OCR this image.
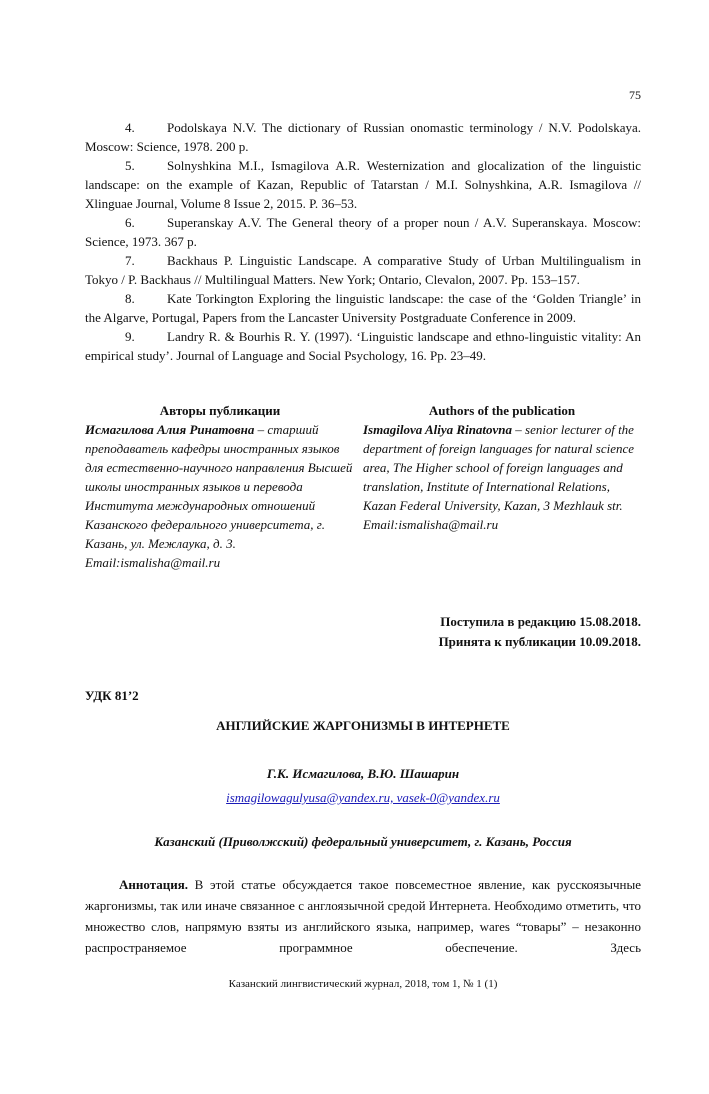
75

4. Podolskaya N.V. The dictionary of Russian onomastic terminology / N.V. Podolskaya. Moscow: Science, 1978. 200 p.

5. Solnyshkina M.I., Ismagilova A.R. Westernization and glocalization of the linguistic landscape: on the example of Kazan, Republic of Tatarstan / M.I. Solnyshkina, A.R. Ismagilova // Xlinguae Journal, Volume 8 Issue 2, 2015. P. 36–53.

6. Superanskay A.V. The General theory of a proper noun / A.V. Superanskaya. Moscow: Science, 1973. 367 p.

7. Backhaus P. Linguistic Landscape. A comparative Study of Urban Multilingualism in Tokyo / P. Backhaus // Multilingual Matters. New York; Ontario, Clevalon, 2007. Pp. 153–157.

8. Kate Torkington Exploring the linguistic landscape: the case of the ‘Golden Triangle’ in the Algarve, Portugal, Papers from the Lancaster University Postgraduate Conference in 2009.

9. Landry R. & Bourhis R. Y. (1997). ‘Linguistic landscape and ethno-linguistic vitality: An empirical study’. Journal of Language and Social Psychology, 16. Pp. 23–49.

Авторы публикации

Исмагилова Алия Ринатовна – старший преподаватель кафедры иностранных языков для естественно-научного направления Высшей школы иностранных языков и перевода Института международных отношений Казанского федерального университета, г. Казань, ул. Межлаука, д. 3. Email:ismalisha@mail.ru

Authors of the publication

Ismagilova Aliya Rinatovna – senior lecturer of the department of foreign languages for natural science area, The Higher school of foreign languages and translation, Institute of International Relations, Kazan Federal University, Kazan, 3 Mezhlauk str. Email:ismalisha@mail.ru

Поступила в редакцию 15.08.2018.
Принята к публикации 10.09.2018.
УДК 81’2
АНГЛИЙСКИЕ ЖАРГОНИЗМЫ В ИНТЕРНЕТЕ
Г.К. Исмагилова, В.Ю. Шашарин
ismagilowagulyusa@yandex.ru, vasek-0@yandex.ru
Казанский (Приволжский) федеральный университет, г. Казань, Россия

Аннотация. В этой статье обсуждается такое повсеместное явление, как русскоязычные жаргонизмы, так или иначе связанное с англоязычной средой Интернета. Необходимо отметить, что множество слов, напрямую взяты из английского языка, например, wares “товары” – незаконно распространяемое программное обеспечение. Здесь

Казанский лингвистический журнал, 2018, том 1, № 1 (1)
